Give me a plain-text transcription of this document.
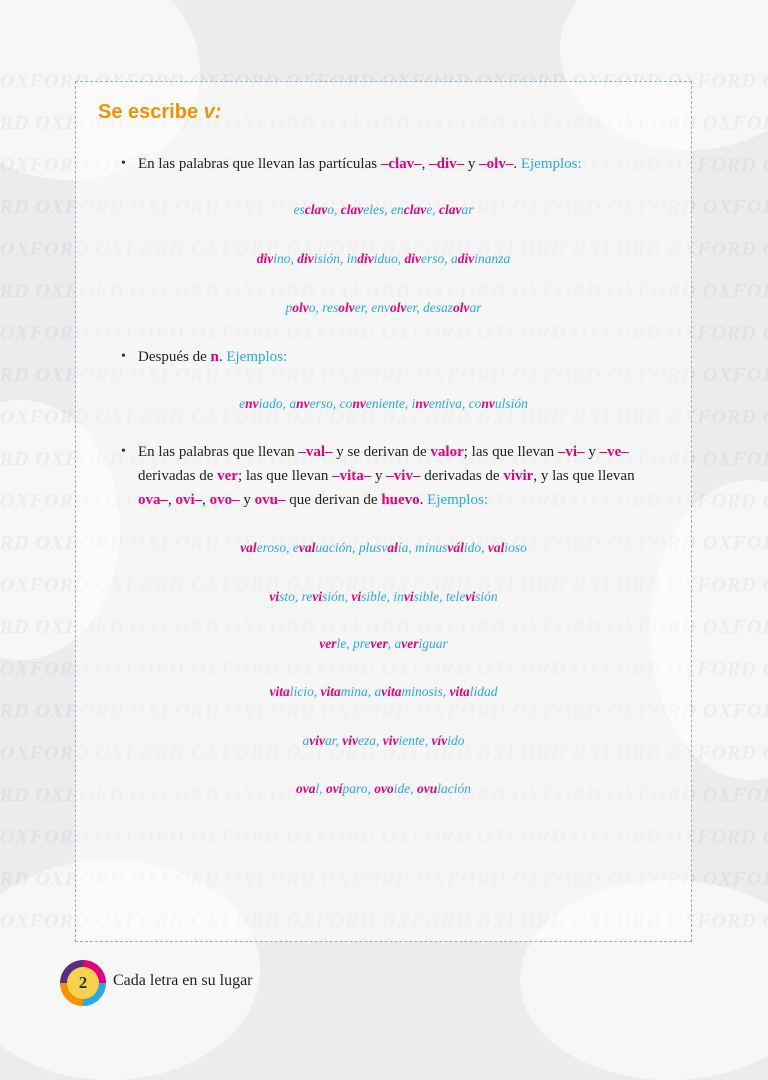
Se escribe v:
• En las palabras que llevan las partículas –clav–, –div– y –olv–. Ejemplos:
esclavo, claveles, enclave, clavar
divino, división, individuo, diverso, adivinanza
polvo, resolver, envolver, desazolvar
• Después de n. Ejemplos:
enviado, anverso, conveniente, inventiva, convulsión
• En las palabras que llevan –val– y se derivan de valor; las que llevan –vi– y –ve– derivadas de ver; las que llevan –vita– y –viv– derivadas de vivir, y las que llevan ova–, ovi–, ovo– y ovu– que derivan de huevo. Ejemplos:
valeroso, evaluación, plusvalía, minusválido, valioso
visto, revisión, visible, invisible, televisión
verle, prever, averiguar
vitalicio, vitamina, avitaminosis, vitalidad
avivar, viveza, viviente, vívido
oval, ovíparo, ovoide, ovulación
2	Cada letra en su lugar
